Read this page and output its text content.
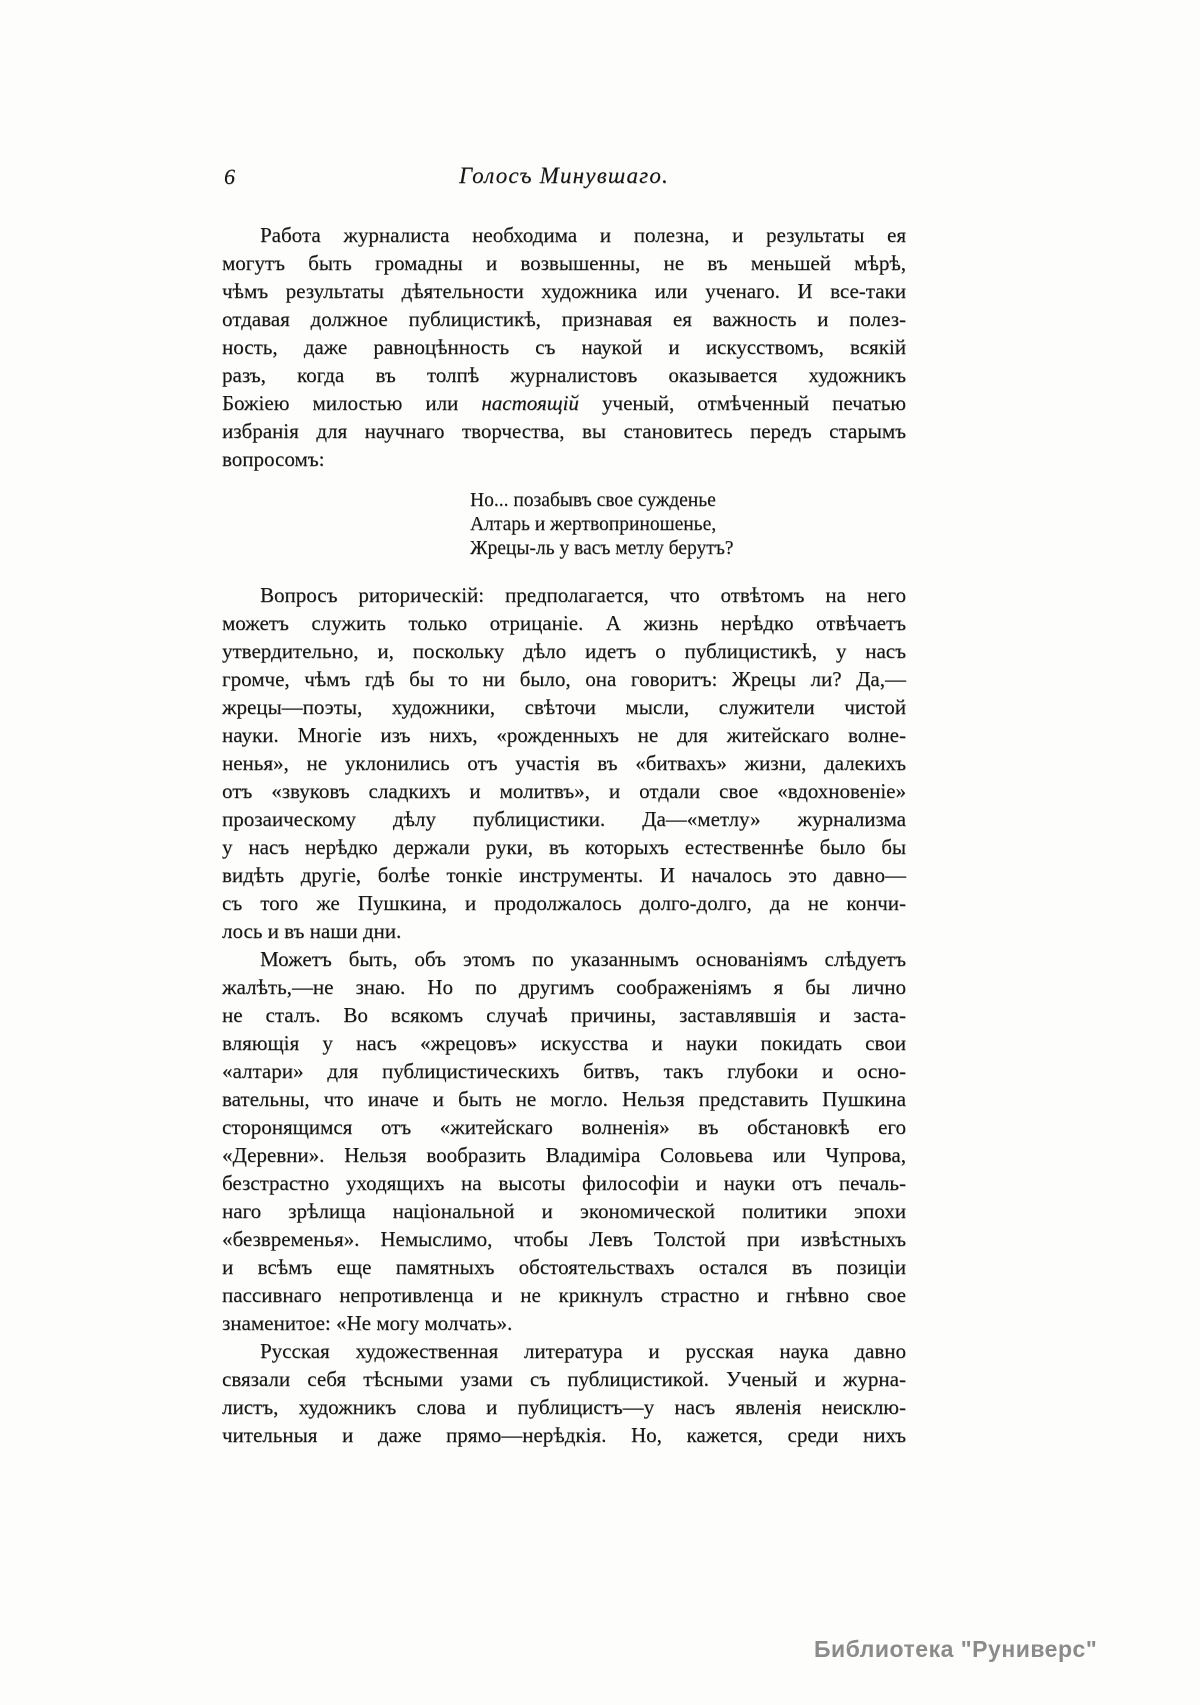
6	Голосъ Минувшаго.
Работа журналиста необходима и полезна, и результаты ея
могутъ быть громадны и возвышенны, не въ меньшей мѣрѣ,
чѣмъ результаты дѣятельности художника или ученаго. И все-таки
отдавая должное публицистикѣ, признавая ея важность и полез-
ность, даже равноцѣнность съ наукой и искусствомъ, всякій
разъ, когда въ толпѣ журналистовъ оказывается художникъ
Божіею милостью или настоящій ученый, отмѣченный печатью
избранія для научнаго творчества, вы становитесь передъ старымъ
вопросомъ:
Но... позабывъ свое сужденье
Алтарь и жертвоприношенье,
Жрецы-ль у васъ метлу берутъ?
Вопросъ риторическій: предполагается, что отвѣтомъ на него
можетъ служить только отрицаніе. А жизнь нерѣдко отвѣчаетъ
утвердительно, и, поскольку дѣло идетъ о публицистикѣ, у насъ
громче, чѣмъ гдѣ бы то ни было, она говоритъ: Жрецы ли? Да,—
жрецы—поэты, художники, свѣточи мысли, служители чистой
науки. Многіе изъ нихъ, «рожденныхъ не для житейскаго волне-
ненья», не уклонились отъ участія въ «битвахъ» жизни, далекихъ
отъ «звуковъ сладкихъ и молитвъ», и отдали свое «вдохновеніе»
прозаическому дѣлу публицистики. Да—«метлу» журнализма
у насъ нерѣдко держали руки, въ которыхъ естественнѣе было бы
видѣть другіе, болѣе тонкіе инструменты. И началось это давно—
съ того же Пушкина, и продолжалось долго-долго, да не кончи-
лось и въ наши дни.
Можетъ быть, объ этомъ по указаннымъ основаніямъ слѣдуетъ
жалѣть,—не знаю. Но по другимъ соображеніямъ я бы лично
не сталъ. Во всякомъ случаѣ причины, заставлявшія и заста-
вляющія у насъ «жрецовъ» искусства и науки покидать свои
«алтари» для публицистическихъ битвъ, такъ глубоки и осно-
вательны, что иначе и быть не могло. Нельзя представить Пушкина
сторонящимся отъ «житейскаго волненія» въ обстановкѣ его
«Деревни». Нельзя вообразить Владиміра Соловьева или Чупрова,
безстрастно уходящихъ на высоты философіи и науки отъ печаль-
наго зрѣлища національной и экономической политики эпохи
«безвременья». Немыслимо, чтобы Левъ Толстой при извѣстныхъ
и всѣмъ еще памятныхъ обстоятельствахъ остался въ позиціи
пассивнаго непротивленца и не крикнулъ страстно и гнѣвно свое
знаменитое: «Не могу молчать».
Русская художественная литература и русская наука давно
связали себя тѣсными узами съ публицистикой. Ученый и журна-
листъ, художникъ слова и публицистъ—у насъ явленія неисклю-
чительныя и даже прямо—нерѣдкія. Но, кажется, среди нихъ
Библиотека "Руниверс"
